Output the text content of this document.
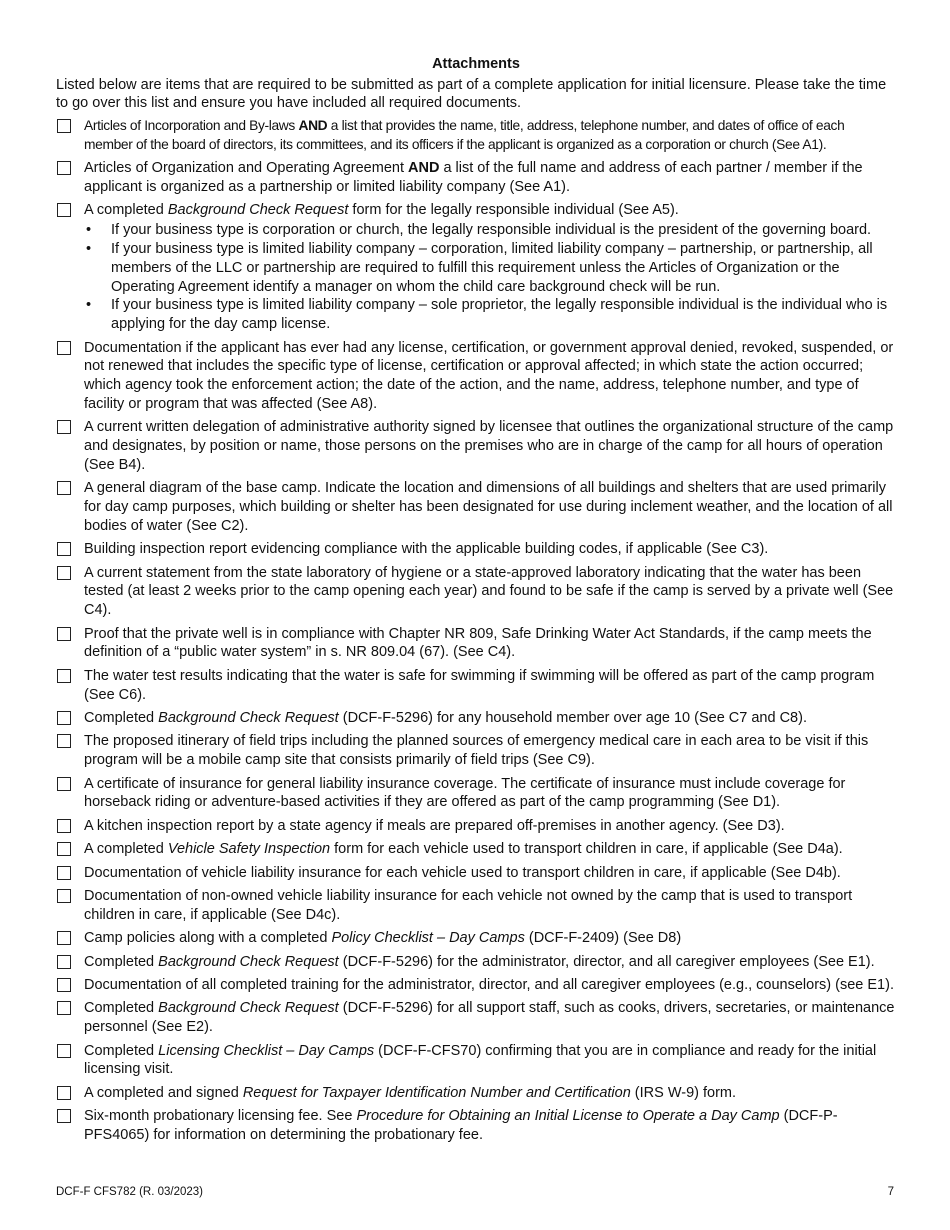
Attachments

Listed below are items that are required to be submitted as part of a complete application for initial licensure. Please take the time to go over this list and ensure you have included all required documents.

Articles of Incorporation and By-laws AND a list that provides the name, title, address, telephone number, and dates of office of each member of the board of directors, its committees, and its officers if the applicant is organized as a corporation or church (See A1).
Articles of Organization and Operating Agreement AND a list of the full name and address of each partner / member if the applicant is organized as a partnership or limited liability company (See A1).
A completed Background Check Request form for the legally responsible individual (See A5).
• If your business type is corporation or church, the legally responsible individual is the president of the governing board.
• If your business type is limited liability company – corporation, limited liability company – partnership, or partnership, all members of the LLC or partnership are required to fulfill this requirement unless the Articles of Organization or the Operating Agreement identify a manager on whom the child care background check will be run.
• If your business type is limited liability company – sole proprietor, the legally responsible individual is the individual who is applying for the day camp license.
Documentation if the applicant has ever had any license, certification, or government approval denied, revoked, suspended, or not renewed that includes the specific type of license, certification or approval affected; in which state the action occurred; which agency took the enforcement action; the date of the action, and the name, address, telephone number, and type of facility or program that was affected (See A8).
A current written delegation of administrative authority signed by licensee that outlines the organizational structure of the camp and designates, by position or name, those persons on the premises who are in charge of the camp for all hours of operation (See B4).
A general diagram of the base camp. Indicate the location and dimensions of all buildings and shelters that are used primarily for day camp purposes, which building or shelter has been designated for use during inclement weather, and the location of all bodies of water (See C2).
Building inspection report evidencing compliance with the applicable building codes, if applicable (See C3).
A current statement from the state laboratory of hygiene or a state-approved laboratory indicating that the water has been tested (at least 2 weeks prior to the camp opening each year) and found to be safe if the camp is served by a private well (See C4).
Proof that the private well is in compliance with Chapter NR 809, Safe Drinking Water Act Standards, if the camp meets the definition of a “public water system” in s. NR 809.04 (67). (See C4).
The water test results indicating that the water is safe for swimming if swimming will be offered as part of the camp program (See C6).
Completed Background Check Request (DCF-F-5296) for any household member over age 10 (See C7 and C8).
The proposed itinerary of field trips including the planned sources of emergency medical care in each area to be visit if this program will be a mobile camp site that consists primarily of field trips (See C9).
A certificate of insurance for general liability insurance coverage. The certificate of insurance must include coverage for horseback riding or adventure-based activities if they are offered as part of the camp programming (See D1).
A kitchen inspection report by a state agency if meals are prepared off-premises in another agency. (See D3).
A completed Vehicle Safety Inspection form for each vehicle used to transport children in care, if applicable (See D4a).
Documentation of vehicle liability insurance for each vehicle used to transport children in care, if applicable (See D4b).
Documentation of non-owned vehicle liability insurance for each vehicle not owned by the camp that is used to transport children in care, if applicable (See D4c).
Camp policies along with a completed Policy Checklist – Day Camps (DCF-F-2409) (See D8)
Completed Background Check Request (DCF-F-5296) for the administrator, director, and all caregiver employees (See E1).
Documentation of all completed training for the administrator, director, and all caregiver employees (e.g., counselors) (see E1).
Completed Background Check Request (DCF-F-5296) for all support staff, such as cooks, drivers, secretaries, or maintenance personnel (See E2).
Completed Licensing Checklist – Day Camps (DCF-F-CFS70) confirming that you are in compliance and ready for the initial licensing visit.
A completed and signed Request for Taxpayer Identification Number and Certification (IRS W-9) form.
Six-month probationary licensing fee. See Procedure for Obtaining an Initial License to Operate a Day Camp (DCF-P-PFS4065) for information on determining the probationary fee.
DCF-F CFS782 (R. 03/2023)	7
